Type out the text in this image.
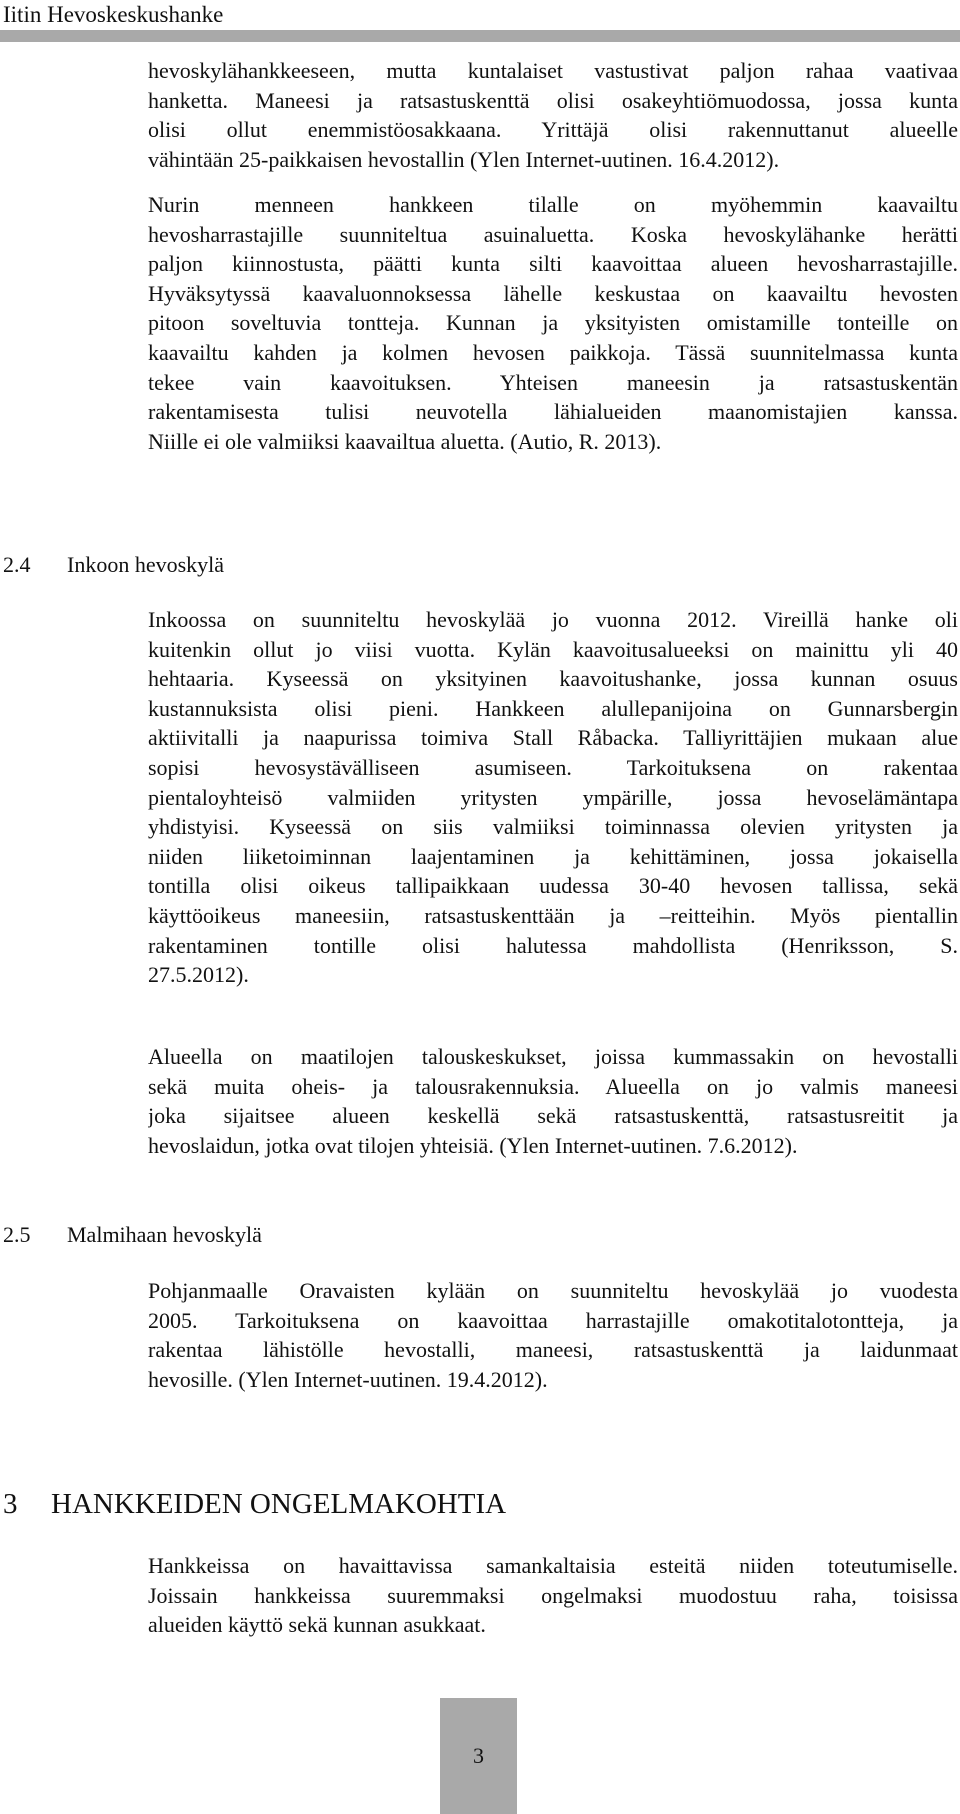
Iitin Hevoskeskushanke
hevoskylähankkeeseen, mutta kuntalaiset vastustivat paljon rahaa vaativaa
hanketta. Maneesi ja ratsastuskenttä olisi osakeyhtiömuodossa, jossa kunta
olisi ollut enemmistöosakkaana. Yrittäjä olisi rakennuttanut alueelle
vähintään 25-paikkaisen hevostallin (Ylen Internet-uutinen. 16.4.2012).
Nurin menneen hankkeen tilalle on myöhemmin kaavailtu
hevosharrastajille suunniteltua asuinaluetta. Koska hevoskylähanke herätti
paljon kiinnostusta, päätti kunta silti kaavoittaa alueen hevosharrastajille.
Hyväksytyssä kaavaluonnoksessa lähelle keskustaa on kaavailtu hevosten
pitoon soveltuvia tontteja. Kunnan ja yksityisten omistamille tonteille on
kaavailtu kahden ja kolmen hevosen paikkoja. Tässä suunnitelmassa kunta
tekee vain kaavoituksen. Yhteisen maneesin ja ratsastuskentän
rakentamisesta tulisi neuvotella lähialueiden maanomistajien kanssa.
Niille ei ole valmiiksi kaavailtua aluetta. (Autio, R. 2013).
2.4 Inkoon hevoskylä
Inkoossa on suunniteltu hevoskylää jo vuonna 2012. Vireillä hanke oli
kuitenkin ollut jo viisi vuotta. Kylän kaavoitusalueeksi on mainittu yli 40
hehtaaria. Kyseessä on yksityinen kaavoitushanke, jossa kunnan osuus
kustannuksista olisi pieni. Hankkeen alullepanijoina on Gunnarsbergin
aktiivitalli ja naapurissa toimiva Stall Råbacka. Talliyrittäjien mukaan alue
sopisi hevosystävälliseen asumiseen. Tarkoituksena on rakentaa
pientaloyhteisö valmiiden yritysten ympärille, jossa hevoselämäntapa
yhdistyisi. Kyseessä on siis valmiiksi toiminnassa olevien yritysten ja
niiden liiketoiminnan laajentaminen ja kehittäminen, jossa jokaisella
tontilla olisi oikeus tallipaikkaan uudessa 30-40 hevosen tallissa, sekä
käyttöoikeus maneesiin, ratsastuskenttään ja –reitteihin. Myös pientallin
rakentaminen tontille olisi halutessa mahdollista (Henriksson, S.
27.5.2012).
Alueella on maatilojen talouskeskukset, joissa kummassakin on hevostalli
sekä muita oheis- ja talousrakennuksia. Alueella on jo valmis maneesi
joka sijaitsee alueen keskellä sekä ratsastuskenttä, ratsastusreitit ja
hevoslaidun, jotka ovat tilojen yhteisiä. (Ylen Internet-uutinen. 7.6.2012).
2.5 Malmihaan hevoskylä
Pohjanmaalle Oravaisten kylään on suunniteltu hevoskylää jo vuodesta
2005. Tarkoituksena on kaavoittaa harrastajille omakotitalotontteja, ja
rakentaa lähistölle hevostalli, maneesi, ratsastuskenttä ja laidunmaat
hevosille. (Ylen Internet-uutinen. 19.4.2012).
3 HANKKEIDEN ONGELMAKOHTIA
Hankkeissa on havaittavissa samankaltaisia esteitä niiden toteutumiselle.
Joissain hankkeissa suuremmaksi ongelmaksi muodostuu raha, toisissa
alueiden käyttö sekä kunnan asukkaat.
3
